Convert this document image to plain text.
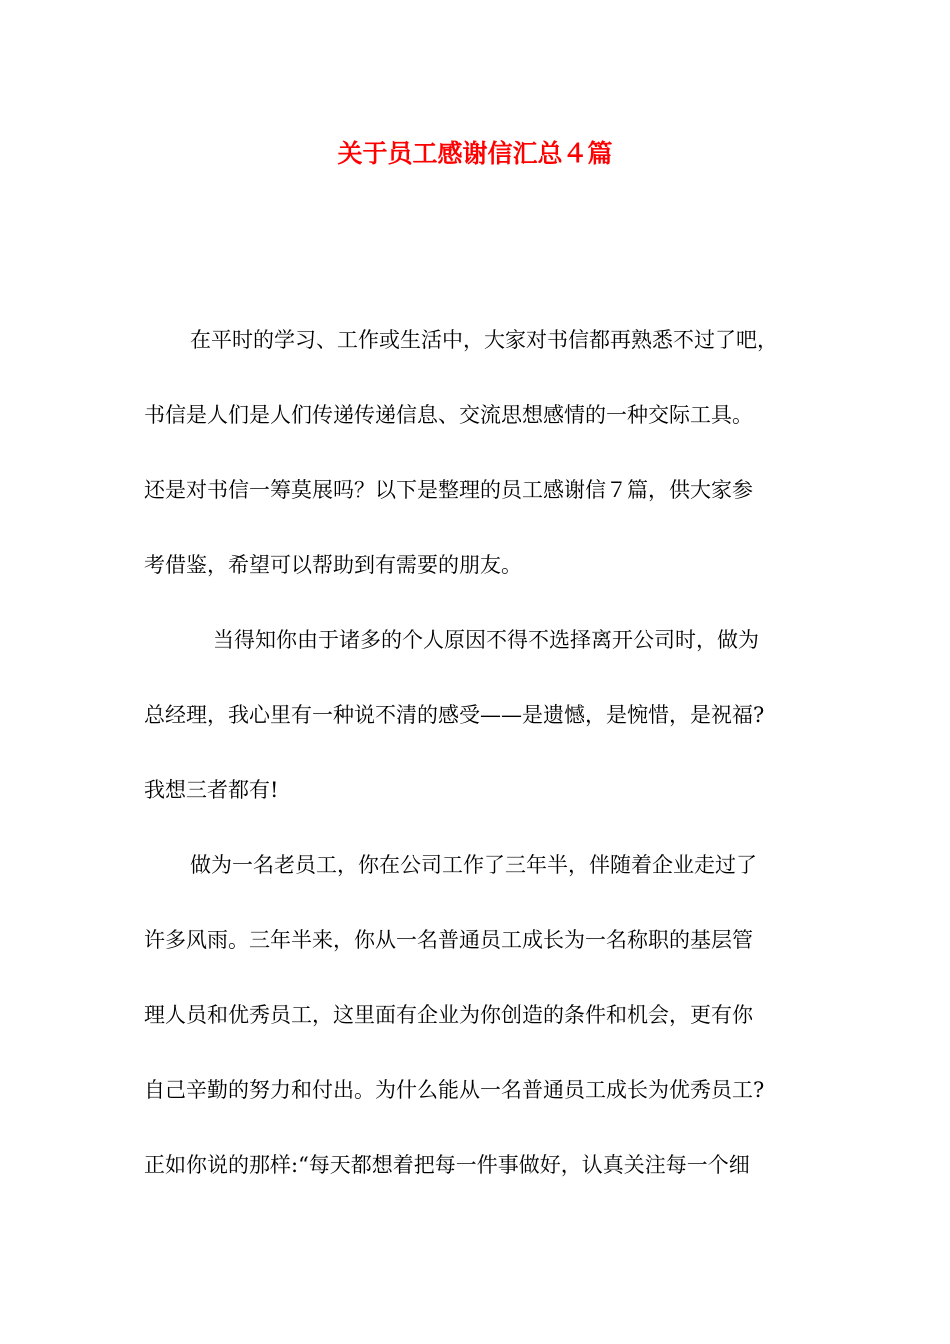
关于员工感谢信汇总４篇
在平时的学习、工作或生活中，大家对书信都再熟悉不过了吧，
书信是人们是人们传递传递信息、交流思想感情的一种交际工具。
还是对书信一筹莫展吗？以下是整理的员工感谢信７篇，供大家参
考借鉴，希望可以帮助到有需要的朋友。
当得知你由于诸多的个人原因不得不选择离开公司时，做为
总经理，我心里有一种说不清的感受——是遗憾，是惋惜，是祝福?
我想三者都有!
做为一名老员工，你在公司工作了三年半，伴随着企业走过了
许多风雨。三年半来，你从一名普通员工成长为一名称职的基层管
理人员和优秀员工，这里面有企业为你创造的条件和机会，更有你
自己辛勤的努力和付出。为什么能从一名普通员工成长为优秀员工?
正如你说的那样:“每天都想着把每一件事做好，认真关注每一个细
